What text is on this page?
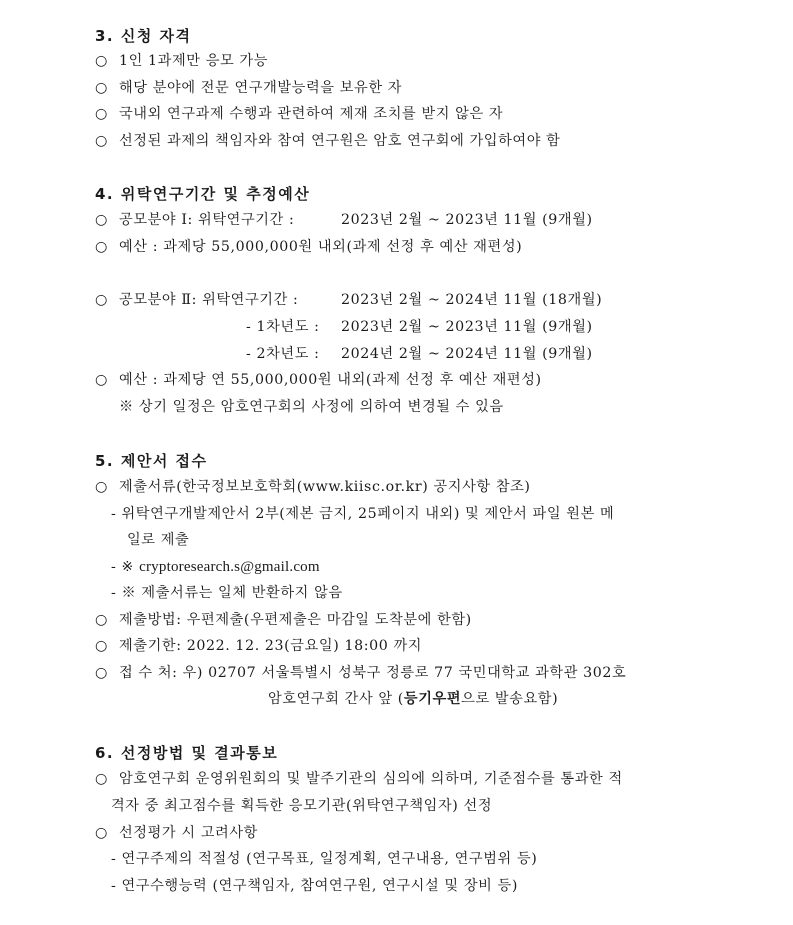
3. 신청 자격
○ 1인 1과제만 응모 가능
○ 해당 분야에 전문 연구개발능력을 보유한 자
○ 국내외 연구과제 수행과 관련하여 제재 조치를 받지 않은 자
○ 선정된 과제의 책임자와 참여 연구원은 암호 연구회에 가입하여야 함
4. 위탁연구기간 및 추정예산
○ 공모분야 Ⅰ: 위탁연구기간 :	2023년 2월 ~ 2023년 11월 (9개월)
○ 예산 : 과제당 55,000,000원 내외(과제 선정 후 예산 재편성)
○ 공모분야 Ⅱ: 위탁연구기간 :	2023년 2월 ~ 2024년 11월 (18개월)
- 1차년도 : 2023년 2월 ~ 2023년 11월 (9개월)
- 2차년도 : 2024년 2월 ~ 2024년 11월 (9개월)
○ 예산 : 과제당 연 55,000,000원 내외(과제 선정 후 예산 재편성)
※ 상기 일정은 암호연구회의 사정에 의하여 변경될 수 있음
5. 제안서 접수
○ 제출서류(한국정보보호학회(www.kiisc.or.kr) 공지사항 참조)
- 위탁연구개발제안서 2부(제본 금지, 25페이지 내외) 및 제안서 파일 원본 메
일로 제출
- ※ cryptoresearch.s@gmail.com
- ※ 제출서류는 일체 반환하지 않음
○ 제출방법: 우편제출(우편제출은 마감일 도착분에 한함)
○ 제출기한: 2022. 12. 23(금요일) 18:00 까지
○ 접 수 처: 우) 02707 서울특별시 성북구 정릉로 77 국민대학교 과학관 302호
암호연구회 간사 앞 (등기우편으로 발송요함)
6. 선정방법 및 결과통보
○ 암호연구회 운영위원회의 및 발주기관의 심의에 의하며, 기준점수를 통과한 적
격자 중 최고점수를 획득한 응모기관(위탁연구책임자) 선정
○ 선정평가 시 고려사항
- 연구주제의 적절성 (연구목표, 일정계획, 연구내용, 연구범위 등)
- 연구수행능력 (연구책임자, 참여연구원, 연구시설 및 장비 등)
